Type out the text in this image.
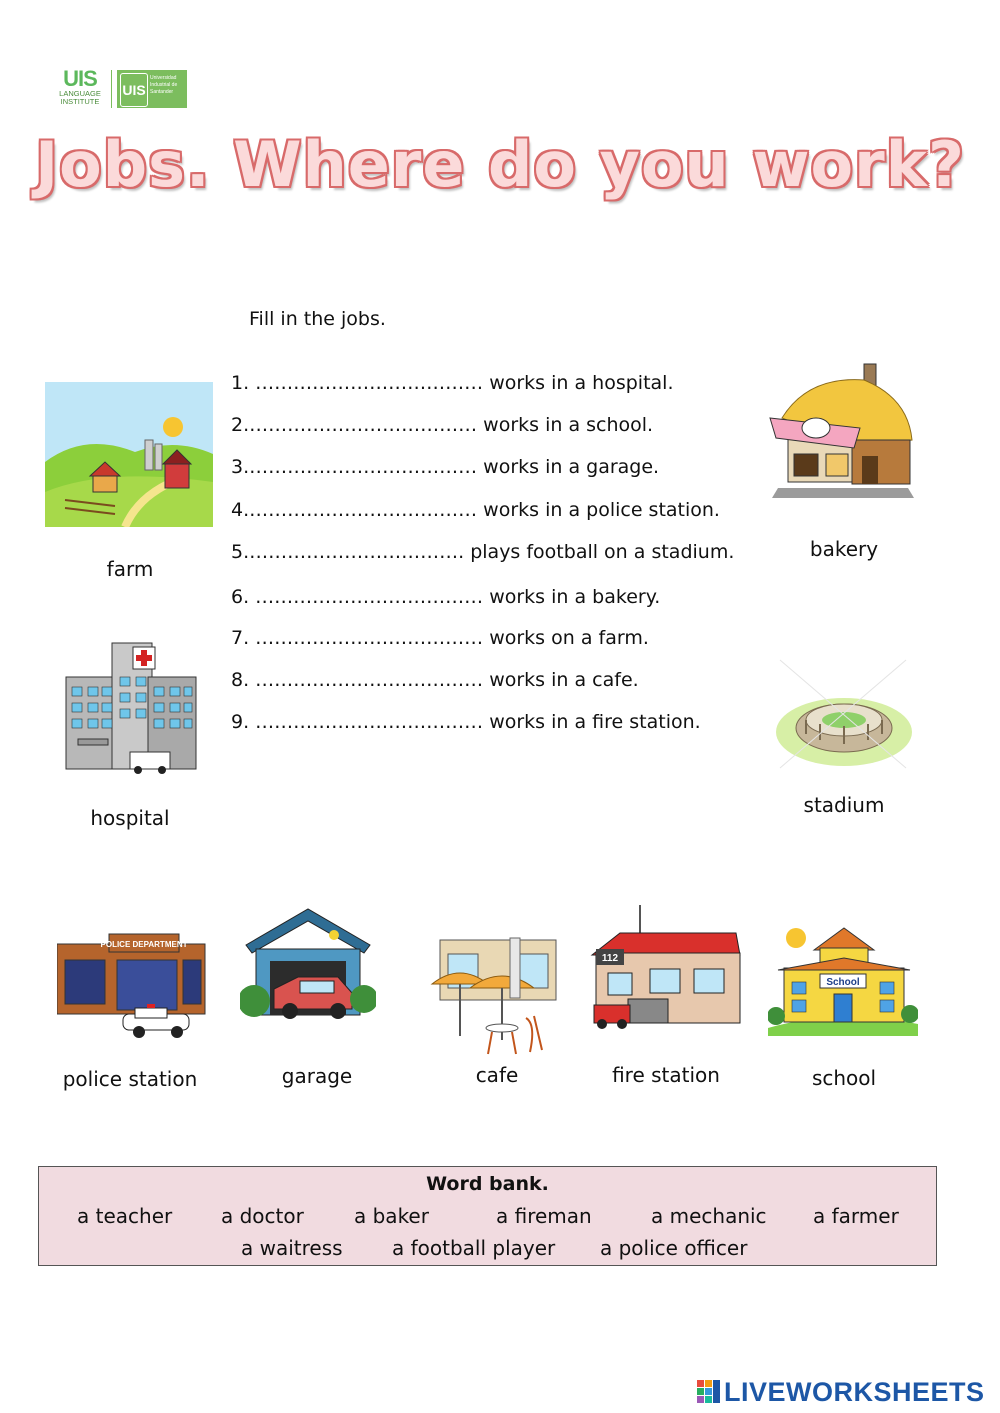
UIS
LANGUAGE INSTITUTE
UIS
Universidad Industrial de Santander
Jobs. Where do you work?
Fill in the jobs.
1. ……………………………… works in a hospital.
2.……………………………… works in a school.
3.……………………………… works in a garage.
4.……………………………… works in a police station.
5.……………………………. plays football on a stadium.
6. ……………………………… works in a bakery.
7. ……………………………… works on a farm.
8. ……………………………… works in a cafe.
9. ……………………………… works in a fire station.
farm
hospital
bakery
stadium
POLICE DEPARTMENT
police station	garage	cafe
112
fire station
School
school
Word bank.
a teacher a doctor	a baker	a fireman	a mechanic a farmer
a waitress a football player a police officer
LIVEWORKSHEETS
